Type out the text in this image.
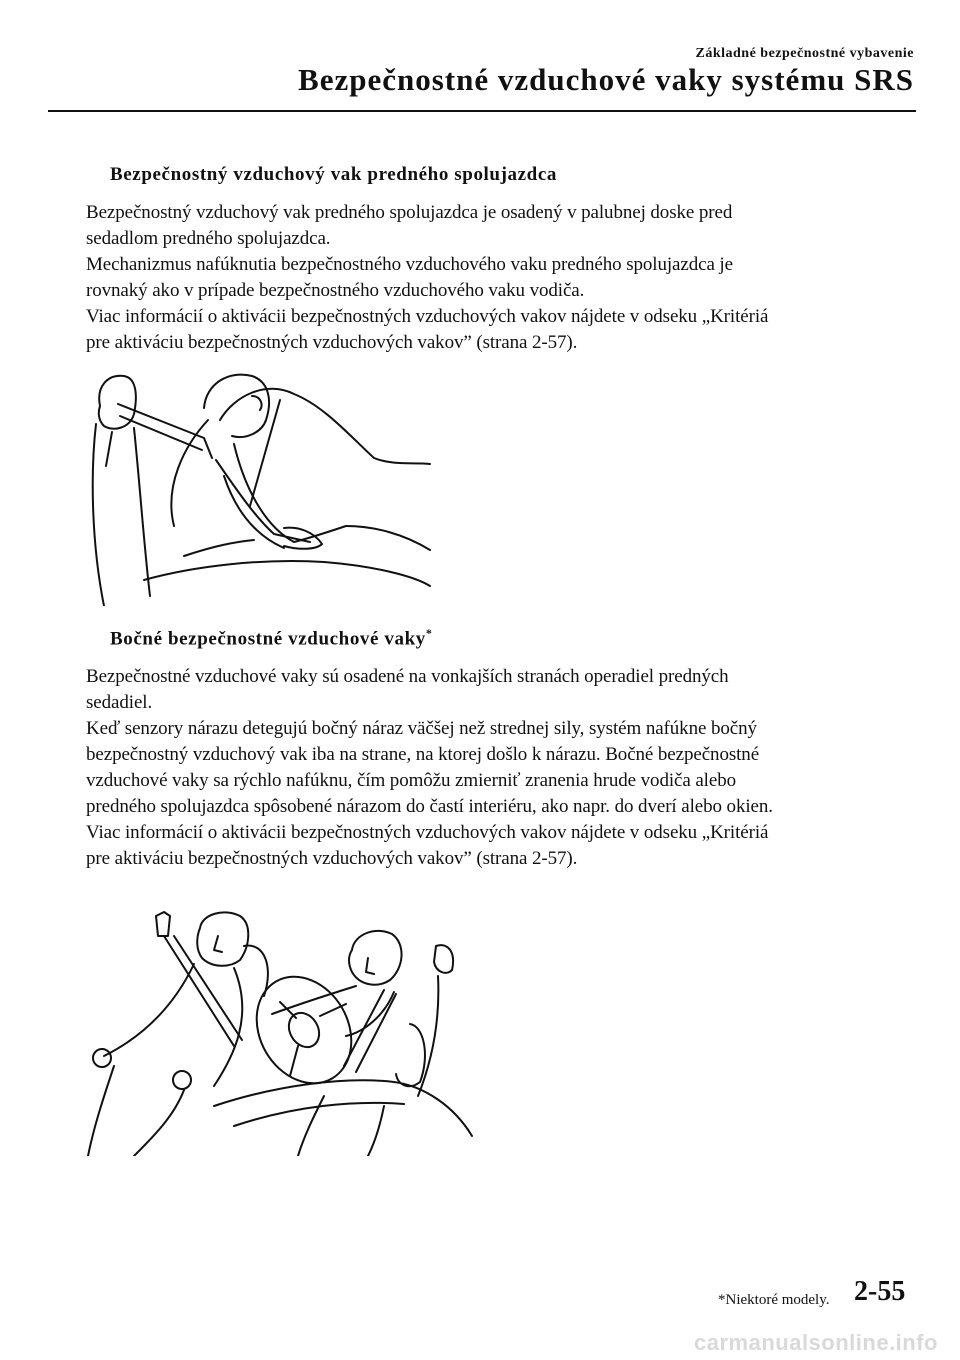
Základné bezpečnostné vybavenie
Bezpečnostné vzduchové vaky systému SRS
Bezpečnostný vzduchový vak predného spolujazdca

Bezpečnostný vzduchový vak predného spolujazdca je osadený v palubnej doske pred

sedadlom predného spolujazdca.

Mechanizmus nafúknutia bezpečnostného vzduchového vaku predného spolujazdca je

rovnaký ako v prípade bezpečnostného vzduchového vaku vodiča.

Viac informácií o aktivácii bezpečnostných vzduchových vakov nájdete v odseku „Kritériá

pre aktiváciu bezpečnostných vzduchových vakov” (strana 2-57).

Bočné bezpečnostné vzduchové vaky*

Bezpečnostné vzduchové vaky sú osadené na vonkajších stranách operadiel predných

sedadiel.

Keď senzory nárazu detegujú bočný náraz väčšej než strednej sily, systém nafúkne bočný

bezpečnostný vzduchový vak iba na strane, na ktorej došlo k nárazu. Bočné bezpečnostné

vzduchové vaky sa rýchlo nafúknu, čím pomôžu zmierniť zranenia hrude vodiča alebo

predného spolujazdca spôsobené nárazom do častí interiéru, ako napr. do dverí alebo okien.

Viac informácií o aktivácii bezpečnostných vzduchových vakov nájdete v odseku „Kritériá

pre aktiváciu bezpečnostných vzduchových vakov” (strana 2-57).

*Niektoré modely. 2-55
carmanualsonline.info
